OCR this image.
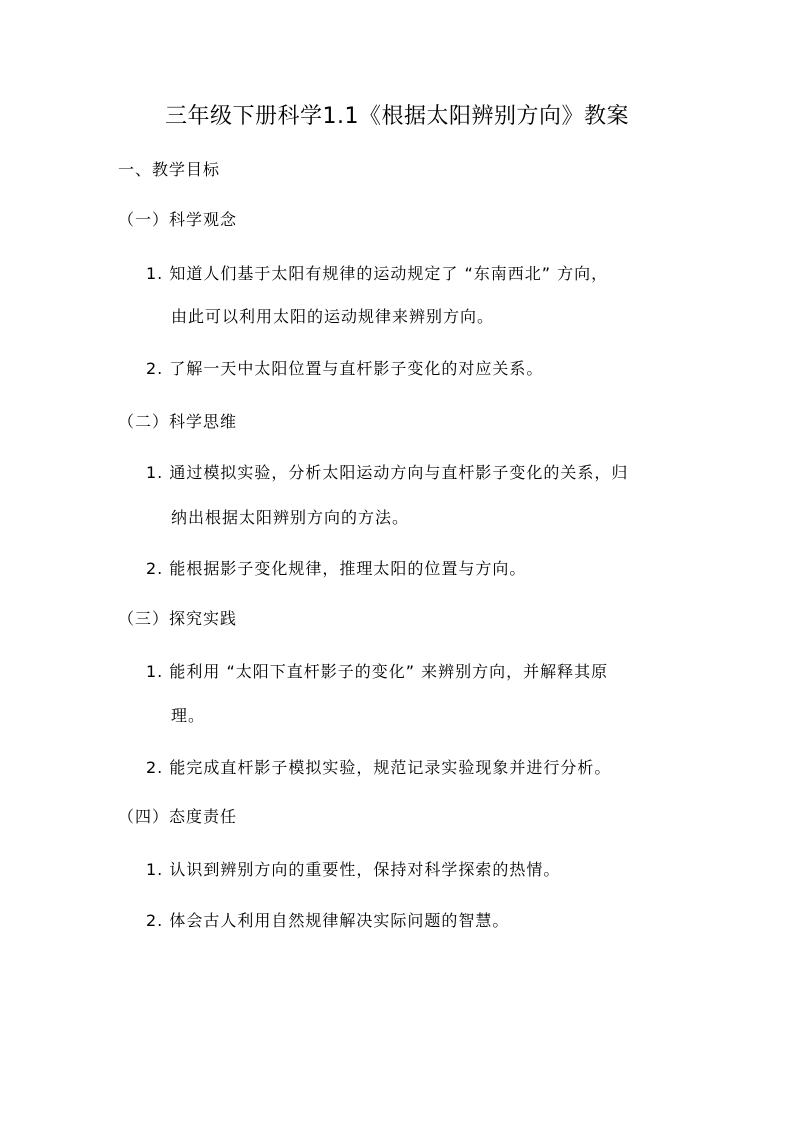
三年级下册科学1.1《根据太阳辨别方向》教案
一、教学目标
（一）科学观念
1. 知道人们基于太阳有规律的运动规定了 “东南西北” 方向，
由此可以利用太阳的运动规律来辨别方向。
2. 了解一天中太阳位置与直杆影子变化的对应关系。
（二）科学思维
1. 通过模拟实验，分析太阳运动方向与直杆影子变化的关系，归
纳出根据太阳辨别方向的方法。
2. 能根据影子变化规律，推理太阳的位置与方向。
（三）探究实践
1. 能利用 “太阳下直杆影子的变化” 来辨别方向，并解释其原
理。
2. 能完成直杆影子模拟实验，规范记录实验现象并进行分析。
（四）态度责任
1. 认识到辨别方向的重要性，保持对科学探索的热情。
2. 体会古人利用自然规律解决实际问题的智慧。
